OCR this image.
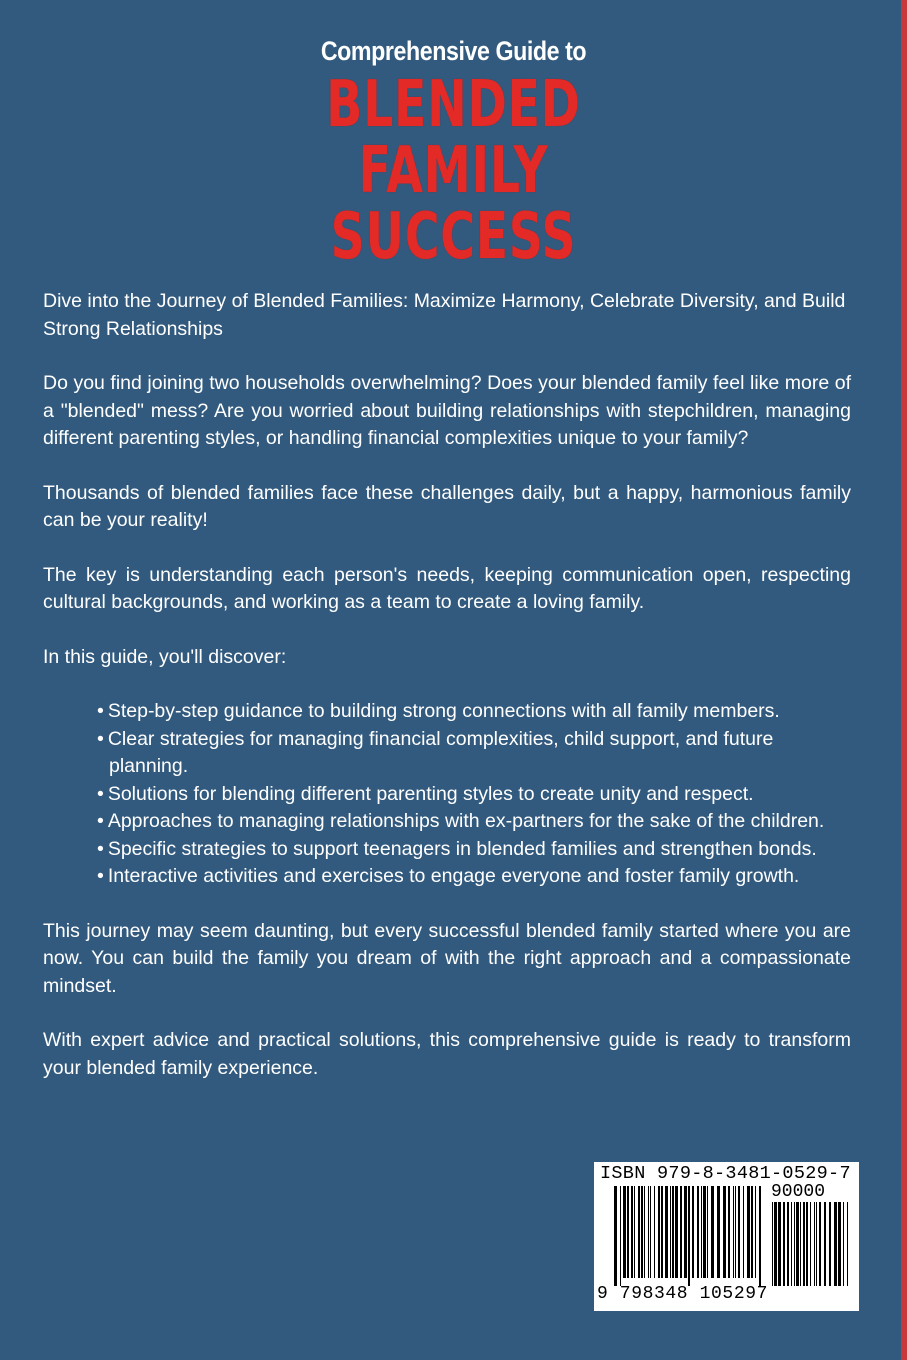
Comprehensive Guide to
BLENDED
FAMILY
SUCCESS

Dive into the Journey of Blended Families: Maximize Harmony, Celebrate Diversity, and Build Strong Relationships

Do you find joining two households overwhelming? Does your blended family feel like more of a "blended" mess? Are you worried about building relationships with stepchildren, managing different parenting styles, or handling financial complexities unique to your family?

Thousands of blended families face these challenges daily, but a happy, harmonious family can be your reality!

The key is understanding each person's needs, keeping communication open, respecting cultural backgrounds, and working as a team to create a loving family.

In this guide, you'll discover:

• Step-by-step guidance to building strong connections with all family members.
• Clear strategies for managing financial complexities, child support, and future planning.
• Solutions for blending different parenting styles to create unity and respect.
• Approaches to managing relationships with ex-partners for the sake of the children.
• Specific strategies to support teenagers in blended families and strengthen bonds.
• Interactive activities and exercises to engage everyone and foster family growth.

This journey may seem daunting, but every successful blended family started where you are now. You can build the family you dream of with the right approach and a compassionate mindset.

With expert advice and practical solutions, this comprehensive guide is ready to transform your blended family experience.

ISBN 979-8-3481-0529-7
90000
9 798348 105297
